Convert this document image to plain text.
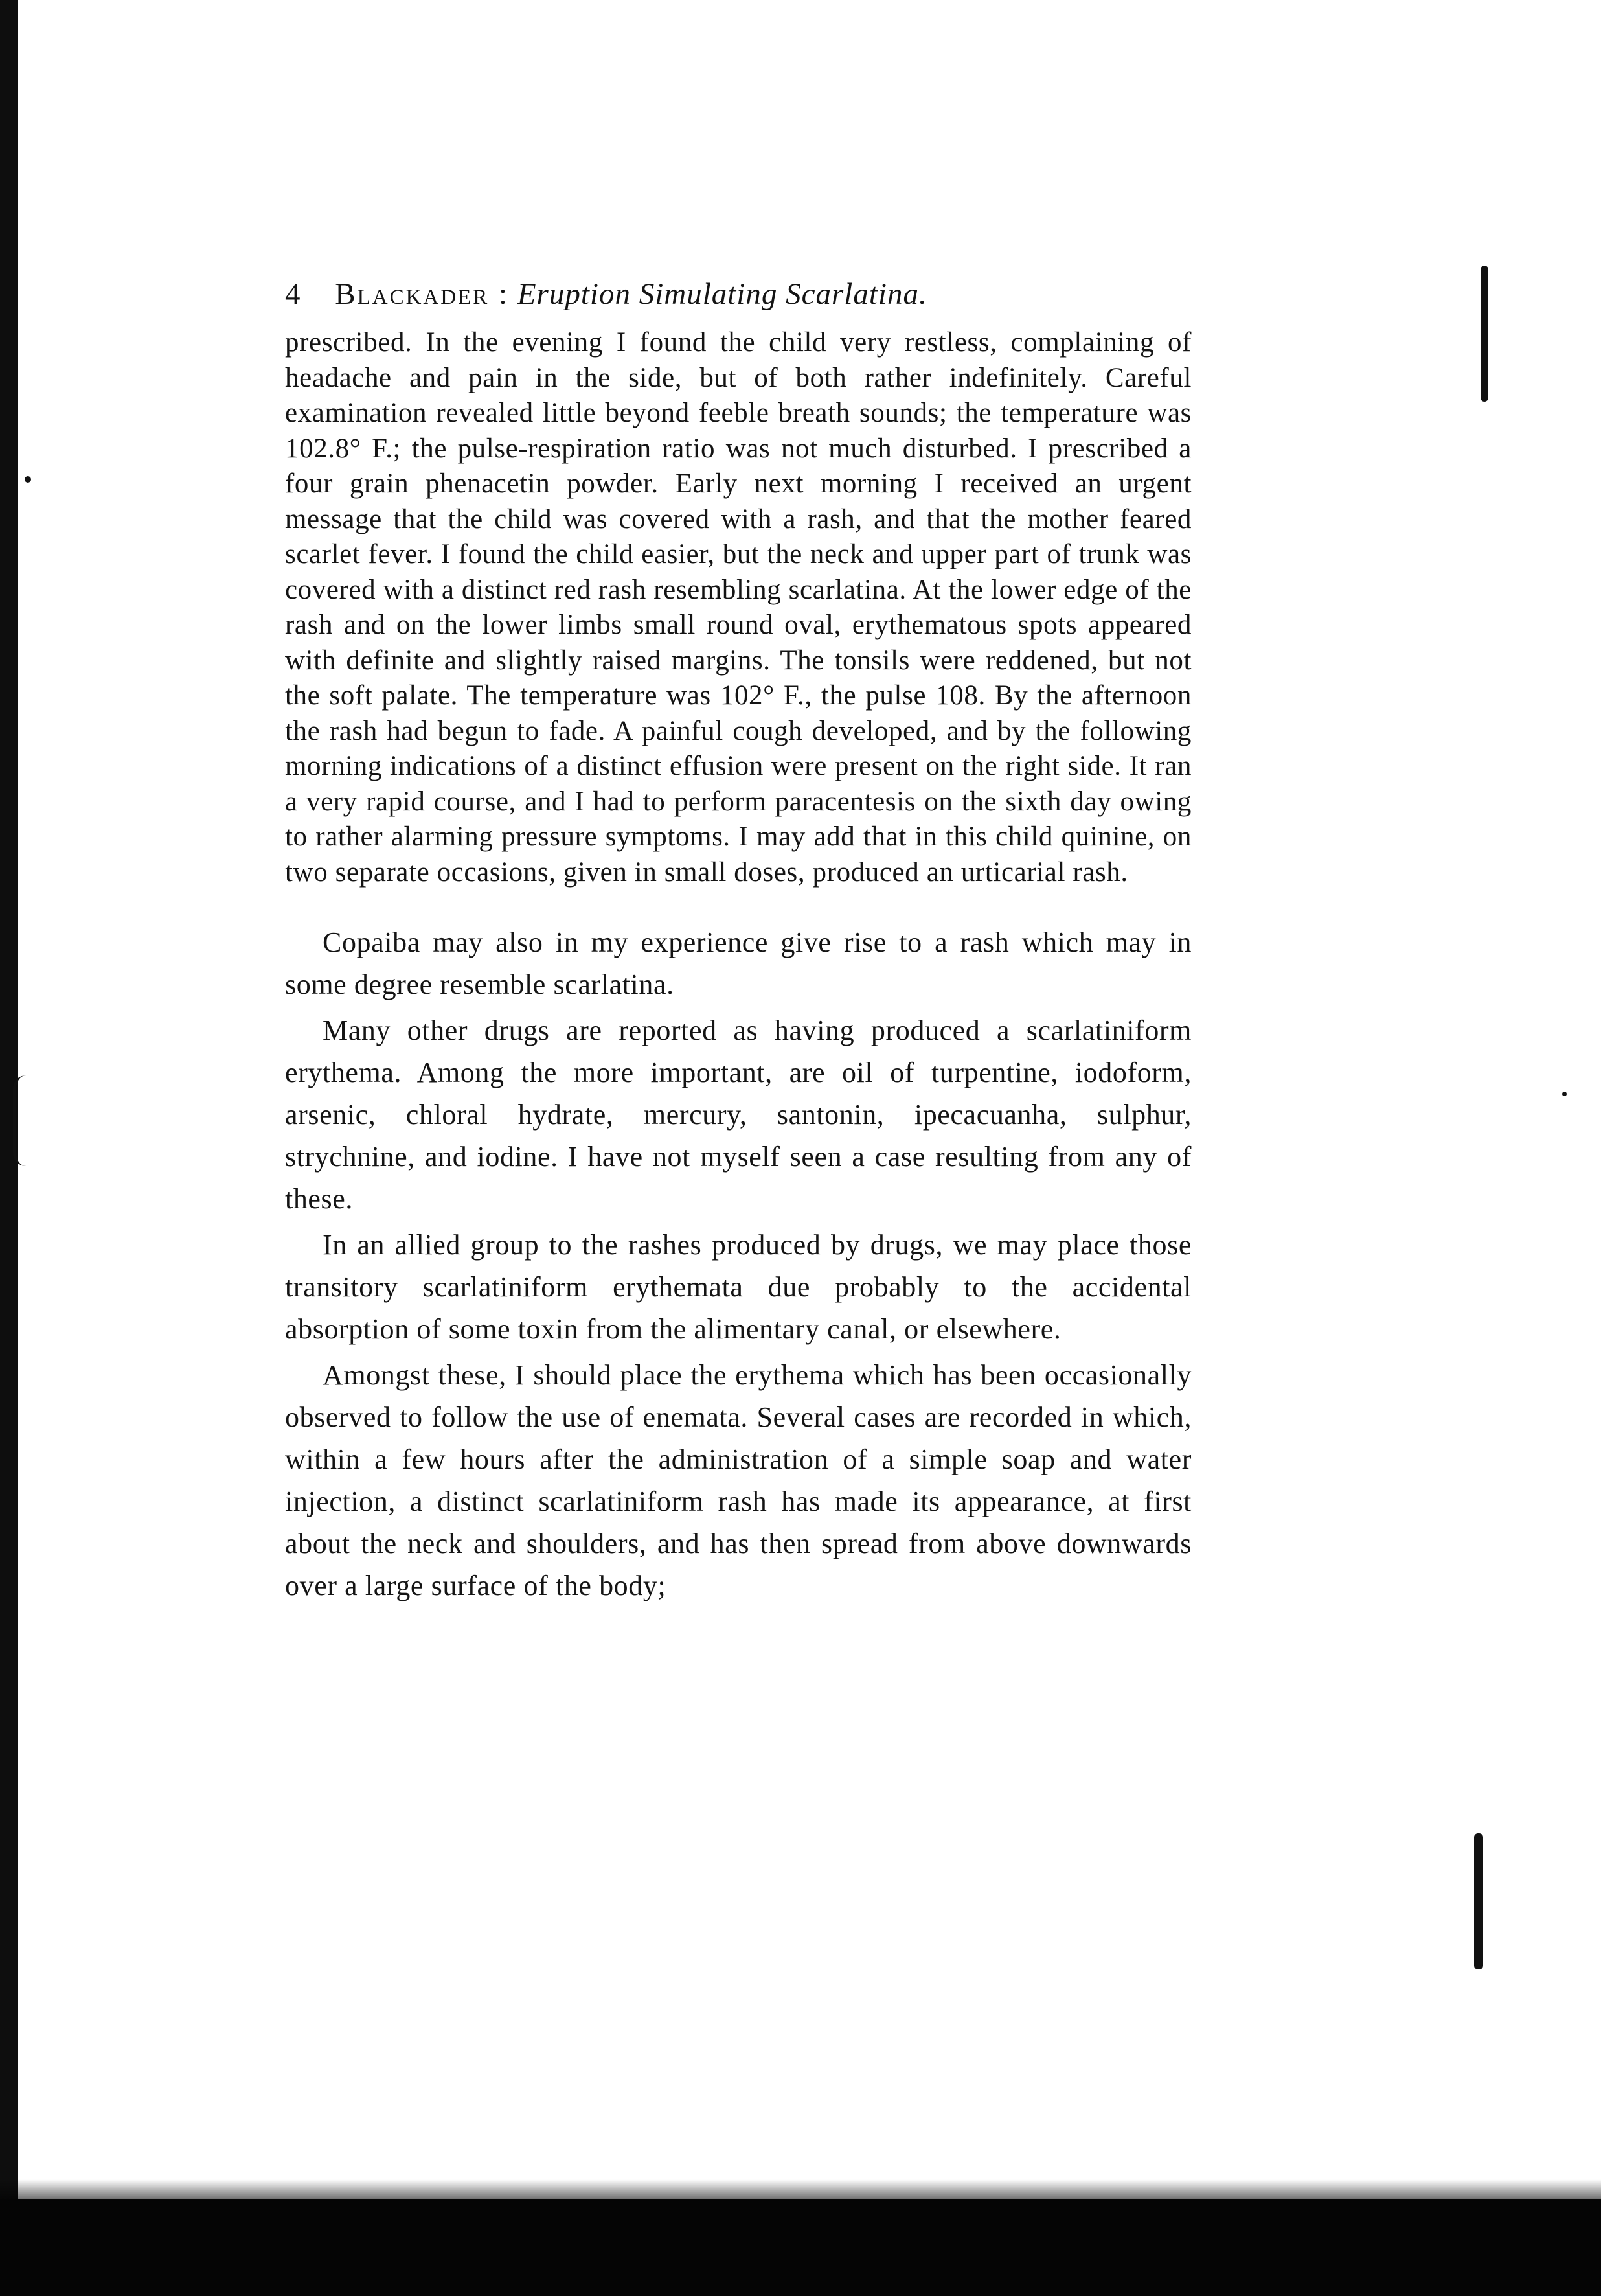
4 Blackader : Eruption Simulating Scarlatina.

prescribed. In the evening I found the child very restless, complaining of headache and pain in the side, but of both rather indefinitely. Careful examination revealed little beyond feeble breath sounds; the temperature was 102.8° F.; the pulse-respiration ratio was not much disturbed. I prescribed a four grain phenacetin powder. Early next morning I received an urgent message that the child was covered with a rash, and that the mother feared scarlet fever. I found the child easier, but the neck and upper part of trunk was covered with a distinct red rash resembling scarlatina. At the lower edge of the rash and on the lower limbs small round oval, erythematous spots appeared with definite and slightly raised margins. The tonsils were reddened, but not the soft palate. The temperature was 102° F., the pulse 108. By the afternoon the rash had begun to fade. A painful cough developed, and by the following morning indications of a distinct effusion were present on the right side. It ran a very rapid course, and I had to perform paracentesis on the sixth day owing to rather alarming pressure symptoms. I may add that in this child quinine, on two separate occasions, given in small doses, produced an urticarial rash.

Copaiba may also in my experience give rise to a rash which may in some degree resemble scarlatina.

Many other drugs are reported as having produced a scarlatiniform erythema. Among the more important, are oil of turpentine, iodoform, arsenic, chloral hydrate, mercury, santonin, ipecacuanha, sulphur, strychnine, and iodine. I have not myself seen a case resulting from any of these.

In an allied group to the rashes produced by drugs, we may place those transitory scarlatiniform erythemata due probably to the accidental absorption of some toxin from the alimentary canal, or elsewhere.

Amongst these, I should place the erythema which has been occasionally observed to follow the use of enemata. Several cases are recorded in which, within a few hours after the administration of a simple soap and water injection, a distinct scarlatiniform rash has made its appearance, at first about the neck and shoulders, and has then spread from above downwards over a large surface of the body;
